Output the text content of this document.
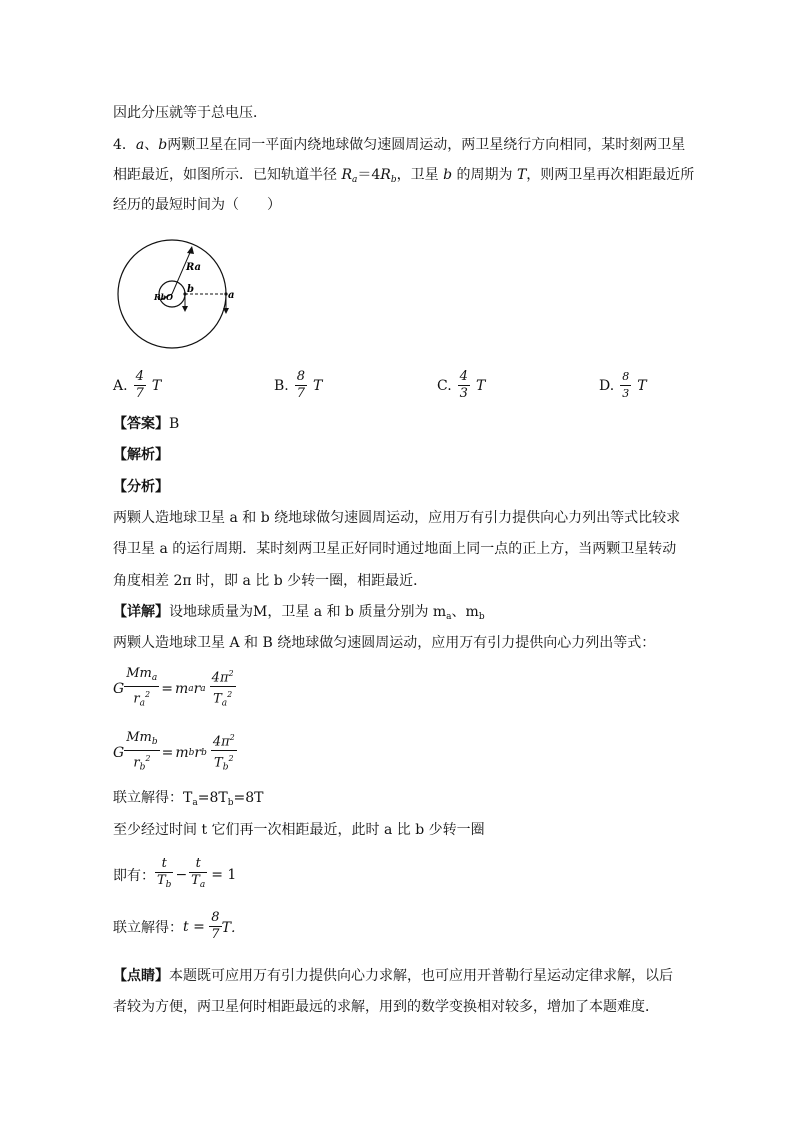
因此分压就等于总电压．
4．a、b两颗卫星在同一平面内绕地球做匀速圆周运动，两卫星绕行方向相同，某时刻两卫星
相距最近，如图所示．已知轨道半径 $R_a=4R_b$，卫星 b 的周期为 T，则两卫星再次相距最近所
经历的最短时间为（　　）
Ra
Rb O
b
a
A. $\frac{4}{7}$ T	B. $\frac{8}{7}$ T	C. $\frac{4}{3}$ T	D. $\frac{8}{3}$ T
【答案】B
【解析】
【分析】
两颗人造地球卫星 a 和 b 绕地球做匀速圆周运动，应用万有引力提供向心力列出等式比较求
得卫星 a 的运行周期．某时刻两卫星正好同时通过地面上同一点的正上方，当两颗卫星转动
角度相差 2π 时，即 a 比 b 少转一圈，相距最近．
【详解】设地球质量为M，卫星 a 和 b 质量分别为 $m_a$、$m_b$
两颗人造地球卫星 A 和 B 绕地球做匀速圆周运动，应用万有引力提供向心力列出等式：
G $\frac{Mm_a}{r_a^2} = m$ a r a $\frac{4\pi^2}{T_a^2}$
G $\frac{Mm_b}{r_b^2} = m$ b r b $\frac{4\pi^2}{T_b^2}$
联立解得：$T_a=8T_b=8T$
至少经过时间 t 它们再一次相距最近，此时 a 比 b 少转一圈
即有： $\frac{t}{T_b} - \frac{t}{T_a} = 1$
联立解得： $t = \frac{8}{7}$ T．
【点睛】本题既可应用万有引力提供向心力求解，也可应用开普勒行星运动定律求解，以后
者较为方便，两卫星何时相距最远的求解，用到的数学变换相对较多，增加了本题难度．
